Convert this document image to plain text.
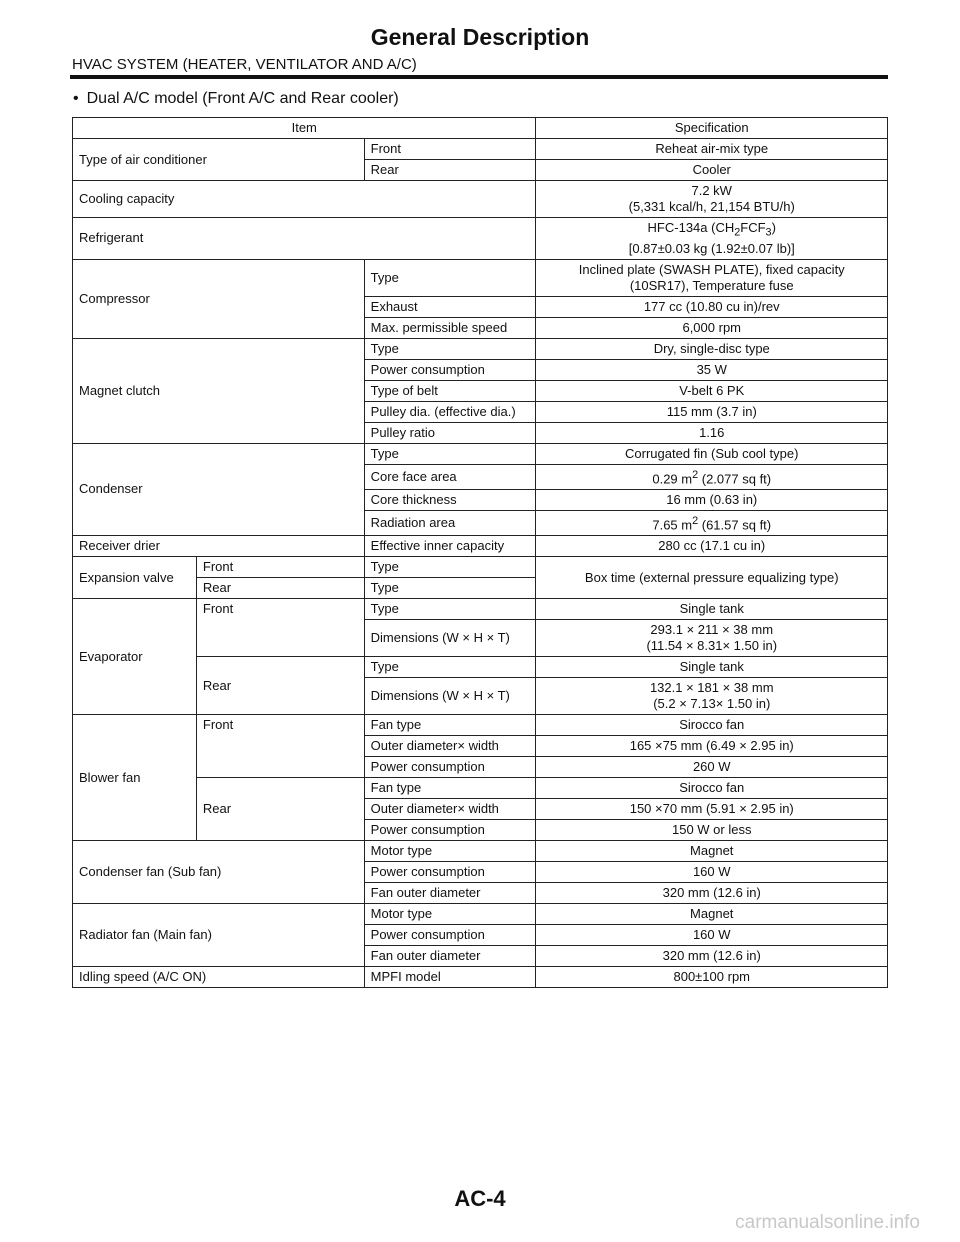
General Description
HVAC SYSTEM (HEATER, VENTILATOR AND A/C)
• Dual A/C model (Front A/C and Rear cooler)
Item			Specification
Type of air conditioner		Front	Reheat air-mix type
		Rear	Cooler
Cooling capacity			7.2 kW
(5,331 kcal/h, 21,154 BTU/h)

Refrigerant			HFC-134a $(CH_2FCF_3)$
[0.87±0.03 kg (1.92±0.07 lb)]

Compressor		Type	Inclined plate (SWASH PLATE), fixed capacity
(10SR17), Temperature fuse

		Exhaust	177 cc (10.80 cu in)/rev
		Max. permissible speed	6,000 rpm
Magnet clutch		Type	Dry, single-disc type
		Power consumption	35 W
		Type of belt	V-belt 6 PK
		Pulley dia. (effective dia.)	115 mm (3.7 in)
		Pulley ratio	1.16
Condenser		Type	Corrugated fin (Sub cool type)
		Core face area	0.29 $m^2$ (2.077 sq ft)
		Core thickness	16 mm (0.63 in)
		Radiation area	7.65 $m^2$ (61.57 sq ft)
Receiver drier		Effective inner capacity	280 cc (17.1 cu in)
Expansion valve	Front	Type	Box time (external pressure equalizing type)
	Rear	Type	
Evaporator	Front	Type	Single tank
		Dimensions (W × H × T)	293.1 × 211 × 38 mm
(11.54 × 8.31× 1.50 in)

	Rear	Type	Single tank
		Dimensions (W × H × T)	132.1 × 181 × 38 mm
(5.2 × 7.13× 1.50 in)

Blower fan	Front	Fan type	Sirocco fan
		Outer diameter× width	165 ×75 mm (6.49 × 2.95 in)
		Power consumption	260 W
	Rear	Fan type	Sirocco fan
		Outer diameter× width	150 ×70 mm (5.91 × 2.95 in)
		Power consumption	150 W or less
Condenser fan (Sub fan)		Motor type	Magnet
		Power consumption	160 W
		Fan outer diameter	320 mm (12.6 in)
Radiator fan (Main fan)		Motor type	Magnet
		Power consumption	160 W
		Fan outer diameter	320 mm (12.6 in)
Idling speed (A/C ON)		MPFI model	800±100 rpm
AC-4
carmanualsonline.info
